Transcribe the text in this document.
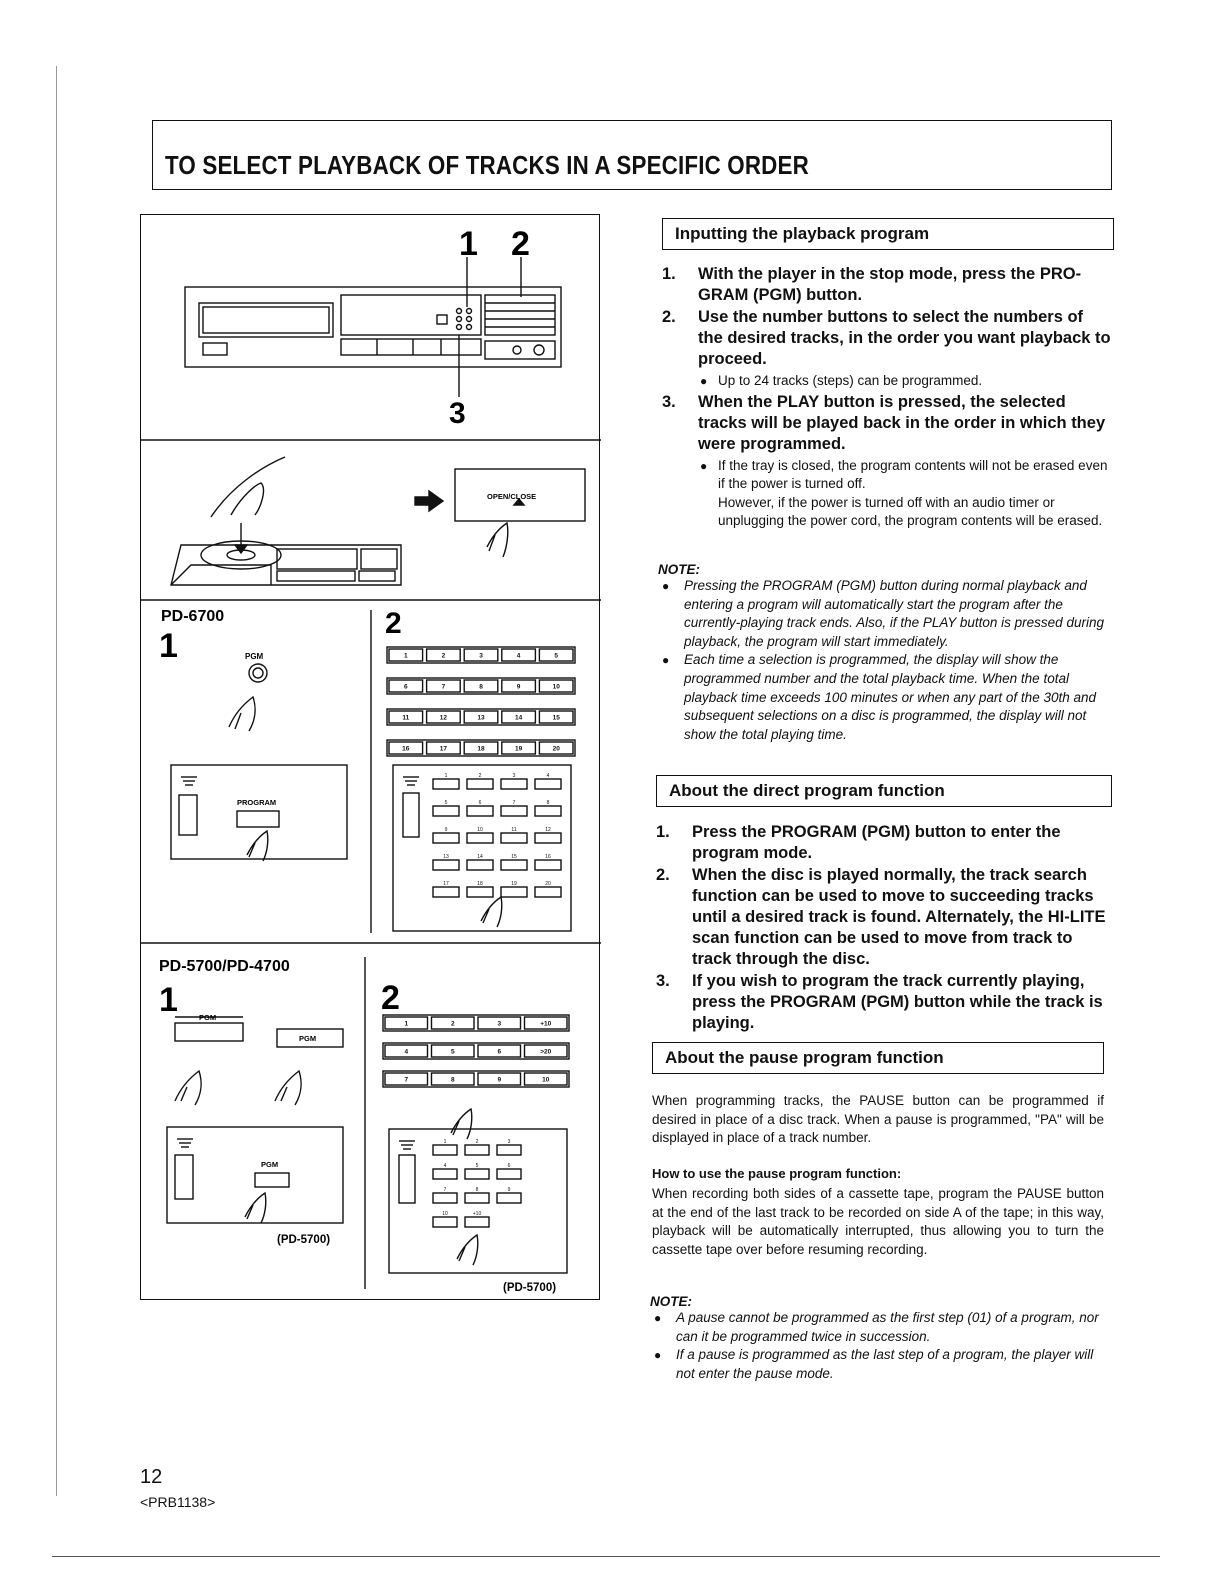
TO SELECT PLAYBACK OF TRACKS IN A SPECIFIC ORDER
1	2	3	4	5
6	7	8	9	10
11	12	13	14	15
16	17	18	19	20
1	2	3	4
5	6	7	8
9	10	11	12
13	14	15	16
17	18	19	20
1	2	3	+10
4	5	6	>20
7	8	9	10
1	2	3
4	5	6
7	8	9
10	+10
1 2
3
OPEN/CLOSE
PD-6700
1
2
PGM
PROGRAM
PD-5700/PD-4700
1	2
PGM
PGM
PGM
(PD-5700)
(PD-5700)
Inputting the playback program
1. With the player in the stop mode, press the PRO-GRAM (PGM) button.
2. Use the number buttons to select the numbers of the desired tracks, in the order you want playback to proceed.
● Up to 24 tracks (steps) can be programmed.
3. When the PLAY button is pressed, the selected tracks will be played back in the order in which they were programmed.
● If the tray is closed, the program contents will not be erased even if the power is turned off.

However, if the power is turned off with an audio timer or unplugging the power cord, the program contents will be erased.

NOTE:
● Pressing the PROGRAM (PGM) button during normal playback and entering a program will automatically start the program after the currently-playing track ends. Also, if the PLAY button is pressed during playback, the program will start immediately.
● Each time a selection is programmed, the display will show the programmed number and the total playback time. When the total playback time exceeds 100 minutes or when any part of the 30th and subsequent selections on a disc is programmed, the display will not show the total playing time.
About the direct program function
1. Press the PROGRAM (PGM) button to enter the program mode.
2. When the disc is played normally, the track search function can be used to move to succeeding tracks until a desired track is found. Alternately, the HI-LITE scan function can be used to move from track to track through the disc.
3. If you wish to program the track currently playing, press the PROGRAM (PGM) button while the track is playing.
About the pause program function
When programming tracks, the PAUSE button can be programmed if desired in place of a disc track. When a pause is programmed, "PA" will be displayed in place of a track number.
How to use the pause program function:
When recording both sides of a cassette tape, program the PAUSE button at the end of the last track to be recorded on side A of the tape; in this way, playback will be automatically interrupted, thus allowing you to turn the cassette tape over before resuming recording.
NOTE:
● A pause cannot be programmed as the first step (01) of a program, nor can it be programmed twice in succession.
● If a pause is programmed as the last step of a program, the player will not enter the pause mode.
12
<PRB1138>
